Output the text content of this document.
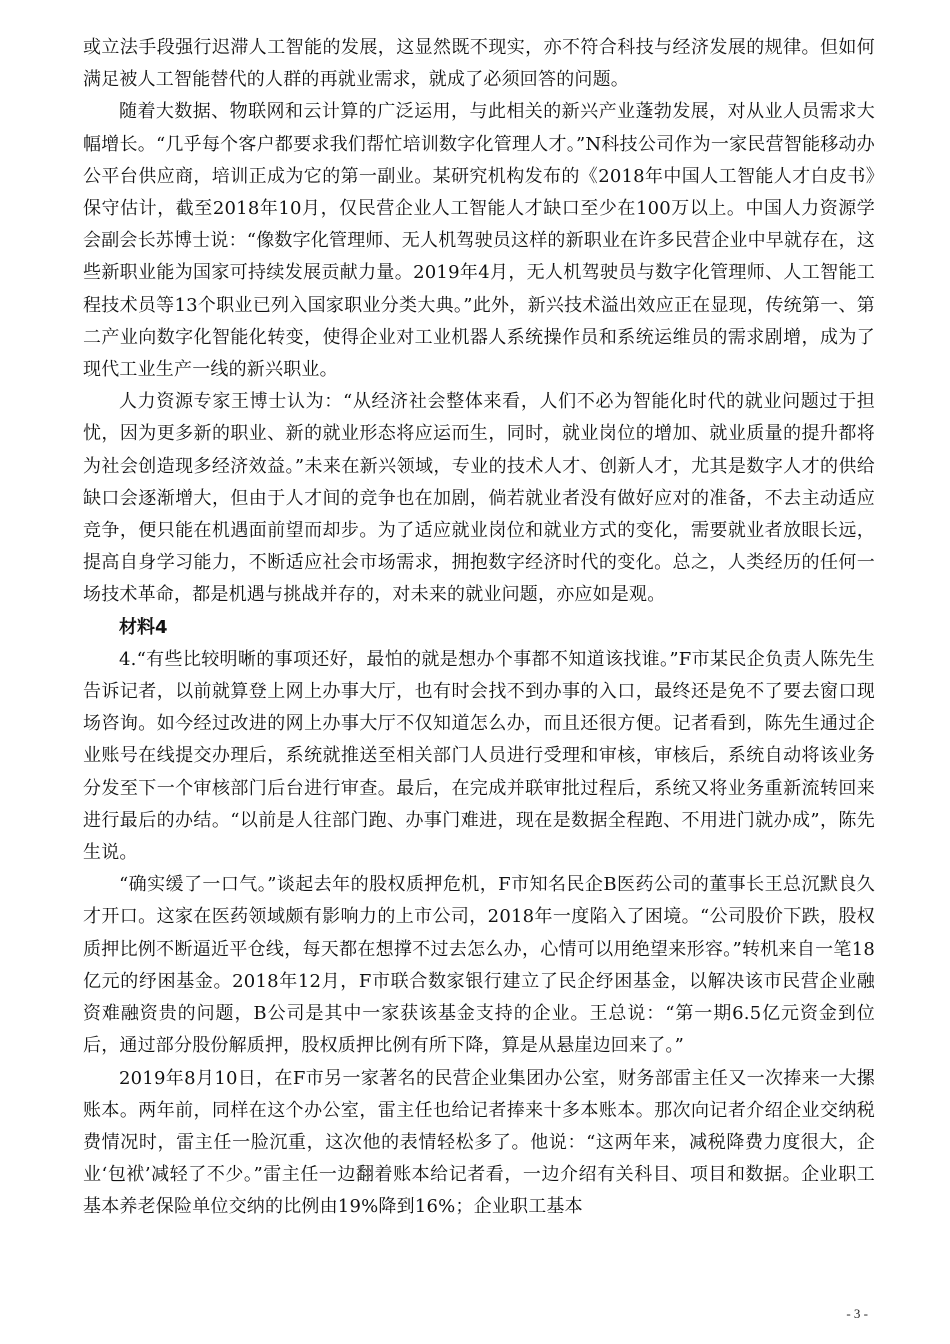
或立法手段强行迟滞人工智能的发展，这显然既不现实，亦不符合科技与经济发展的规律。但如何满足被人工智能替代的人群的再就业需求，就成了必须回答的问题。

随着大数据、物联网和云计算的广泛运用，与此相关的新兴产业蓬勃发展，对从业人员需求大幅增长。“几乎每个客户都要求我们帮忙培训数字化管理人才。”N科技公司作为一家民营智能移动办公平台供应商，培训正成为它的第一副业。某研究机构发布的《2018年中国人工智能人才白皮书》保守估计，截至2018年10月，仅民营企业人工智能人才缺口至少在100万以上。中国人力资源学会副会长苏博士说：“像数字化管理师、无人机驾驶员这样的新职业在许多民营企业中早就存在，这些新职业能为国家可持续发展贡献力量。2019年4月，无人机驾驶员与数字化管理师、人工智能工程技术员等13个职业已列入国家职业分类大典。”此外，新兴技术溢出效应正在显现，传统第一、第二产业向数字化智能化转变，使得企业对工业机器人系统操作员和系统运维员的需求剧增，成为了现代工业生产一线的新兴职业。

人力资源专家王博士认为：“从经济社会整体来看，人们不必为智能化时代的就业问题过于担忧，因为更多新的职业、新的就业形态将应运而生，同时，就业岗位的增加、就业质量的提升都将为社会创造现多经济效益。”未来在新兴领域，专业的技术人才、创新人才，尤其是数字人才的供给缺口会逐渐增大，但由于人才间的竞争也在加剧，倘若就业者没有做好应对的准备，不去主动适应竞争，便只能在机遇面前望而却步。为了适应就业岗位和就业方式的变化，需要就业者放眼长远，提高自身学习能力，不断适应社会市场需求，拥抱数字经济时代的变化。总之，人类经历的任何一场技术革命，都是机遇与挑战并存的，对未来的就业问题，亦应如是观。

材料4

4.“有些比较明晰的事项还好，最怕的就是想办个事都不知道该找谁。”F市某民企负责人陈先生告诉记者，以前就算登上网上办事大厅，也有时会找不到办事的入口，最终还是免不了要去窗口现场咨询。如今经过改进的网上办事大厅不仅知道怎么办，而且还很方便。记者看到，陈先生通过企业账号在线提交办理后，系统就推送至相关部门人员进行受理和审核，审核后，系统自动将该业务分发至下一个审核部门后台进行审查。最后，在完成并联审批过程后，系统又将业务重新流转回来进行最后的办结。“以前是人往部门跑、办事门难进，现在是数据全程跑、不用进门就办成”，陈先生说。

“确实缓了一口气。”谈起去年的股权质押危机，F市知名民企B医药公司的董事长王总沉默良久才开口。这家在医药领域颇有影响力的上市公司，2018年一度陷入了困境。“公司股价下跌，股权质押比例不断逼近平仓线，每天都在想撑不过去怎么办，心情可以用绝望来形容。”转机来自一笔18亿元的纾困基金。2018年12月，F市联合数家银行建立了民企纾困基金，以解决该市民营企业融资难融资贵的问题，B公司是其中一家获该基金支持的企业。王总说：“第一期6.5亿元资金到位后，通过部分股份解质押，股权质押比例有所下降，算是从悬崖边回来了。”

2019年8月10日，在F市另一家著名的民营企业集团办公室，财务部雷主任又一次捧来一大摞账本。两年前，同样在这个办公室，雷主任也给记者捧来十多本账本。那次向记者介绍企业交纳税费情况时，雷主任一脸沉重，这次他的表情轻松多了。他说：“这两年来，减税降费力度很大，企业‘包袱’减轻了不少。”雷主任一边翻着账本给记者看，一边介绍有关科目、项目和数据。企业职工基本养老保险单位交纳的比例由19%降到16%；企业职工基本

- 3 -
